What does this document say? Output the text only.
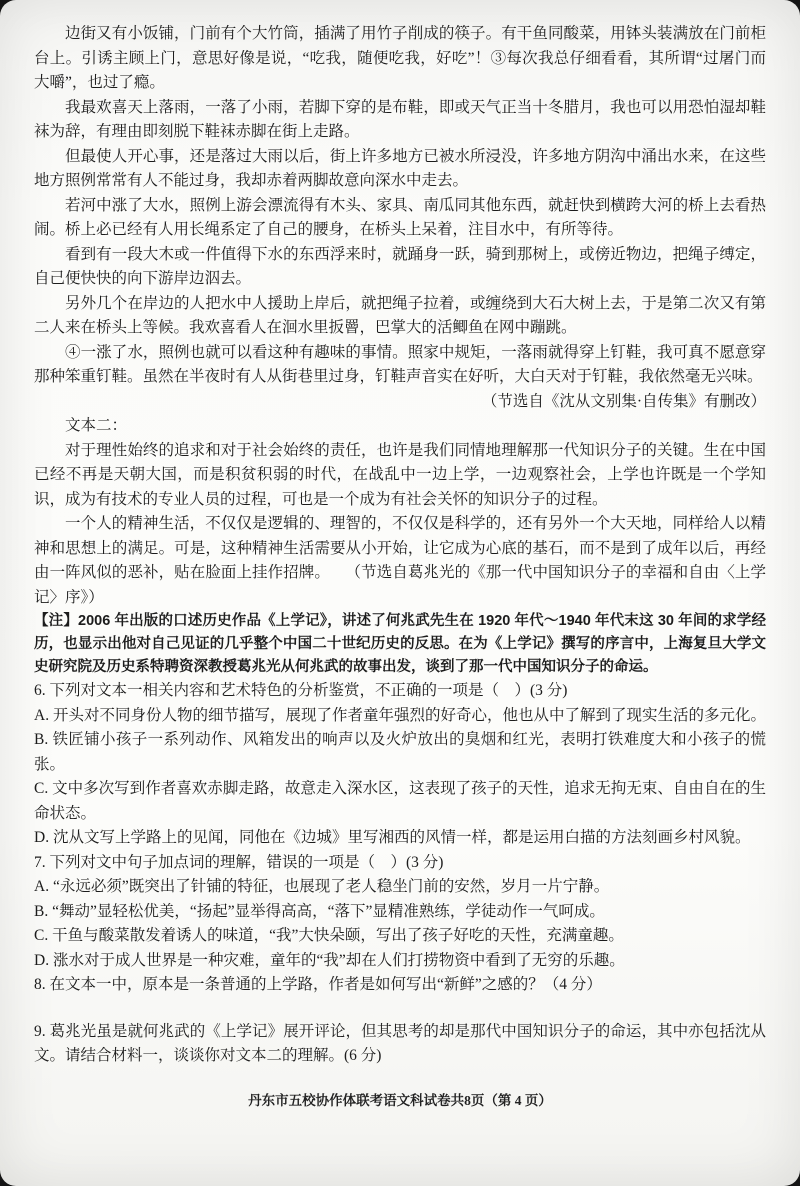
边街又有小饭铺，门前有个大竹筒，插满了用竹子削成的筷子。有干鱼同酸菜，用钵头装满放在门前柜台上。引诱主顾上门，意思好像是说，“吃我，随便吃我，好吃”！③每次我总仔细看看，其所谓“过屠门而大嚼”，也过了瘾。
我最欢喜天上落雨，一落了小雨，若脚下穿的是布鞋，即或天气正当十冬腊月，我也可以用恐怕湿却鞋袜为辞，有理由即刻脱下鞋袜赤脚在街上走路。
但最使人开心事，还是落过大雨以后，街上许多地方已被水所浸没，许多地方阴沟中涌出水来，在这些地方照例常常有人不能过身，我却赤着两脚故意向深水中走去。
若河中涨了大水，照例上游会漂流得有木头、家具、南瓜同其他东西，就赶快到横跨大河的桥上去看热闹。桥上必已经有人用长绳系定了自己的腰身，在桥头上呆着，注目水中，有所等待。
看到有一段大木或一件值得下水的东西浮来时，就踊身一跃，骑到那树上，或傍近物边，把绳子缚定，自己便快快的向下游岸边泅去。
另外几个在岸边的人把水中人援助上岸后，就把绳子拉着，或缠绕到大石大树上去，于是第二次又有第二人来在桥头上等候。我欢喜看人在洄水里扳罾，巴掌大的活鲫鱼在网中蹦跳。
④一涨了水，照例也就可以看这种有趣味的事情。照家中规矩，一落雨就得穿上钉鞋，我可真不愿意穿那种笨重钉鞋。虽然在半夜时有人从街巷里过身，钉鞋声音实在好听，大白天对于钉鞋，我依然毫无兴味。
（节选自《沈从文别集·自传集》有删改）
文本二：
对于理性始终的追求和对于社会始终的责任，也许是我们同情地理解那一代知识分子的关键。生在中国已经不再是天朝大国，而是积贫积弱的时代，在战乱中一边上学，一边观察社会，上学也许既是一个学知识，成为有技术的专业人员的过程，可也是一个成为有社会关怀的知识分子的过程。
一个人的精神生活，不仅仅是逻辑的、理智的，不仅仅是科学的，还有另外一个大天地，同样给人以精神和思想上的满足。可是，这种精神生活需要从小开始，让它成为心底的基石，而不是到了成年以后，再经由一阵风似的恶补，贴在脸面上挂作招牌。　　（节选自葛兆光的《那一代中国知识分子的幸福和自由〈上学记〉序》）
【注】2006 年出版的口述历史作品《上学记》，讲述了何兆武先生在 1920 年代～1940 年代末这 30 年间的求学经历，也显示出他对自己见证的几乎整个中国二十世纪历史的反思。在为《上学记》撰写的序言中，上海复旦大学文史研究院及历史系特聘资深教授葛兆光从何兆武的故事出发，谈到了那一代中国知识分子的命运。
6. 下列对文本一相关内容和艺术特色的分析鉴赏，不正确的一项是（　）(3 分)
A. 开头对不同身份人物的细节描写，展现了作者童年强烈的好奇心，他也从中了解到了现实生活的多元化。
B. 铁匠铺小孩子一系列动作、风箱发出的响声以及火炉放出的臭烟和红光，表明打铁难度大和小孩子的慌张。
C. 文中多次写到作者喜欢赤脚走路，故意走入深水区，这表现了孩子的天性，追求无拘无束、自由自在的生命状态。
D. 沈从文写上学路上的见闻，同他在《边城》里写湘西的风情一样，都是运用白描的方法刻画乡村风貌。
7. 下列对文中句子加点词的理解，错误的一项是（　）(3 分)
A. “永远必须”既突出了针铺的特征，也展现了老人稳坐门前的安然，岁月一片宁静。
B. “舞动”显轻松优美，“扬起”显举得高高，“落下”显精准熟练，学徒动作一气呵成。
C. 干鱼与酸菜散发着诱人的味道，“我”大快朵颐，写出了孩子好吃的天性，充满童趣。
D. 涨水对于成人世界是一种灾难，童年的“我”却在人们打捞物资中看到了无穷的乐趣。
8. 在文本一中，原本是一条普通的上学路，作者是如何写出“新鲜”之感的？（4 分）
9. 葛兆光虽是就何兆武的《上学记》展开评论，但其思考的却是那代中国知识分子的命运，其中亦包括沈从文。请结合材料一，谈谈你对文本二的理解。(6 分)
丹东市五校协作体联考语文科试卷共8页（第 4 页）
